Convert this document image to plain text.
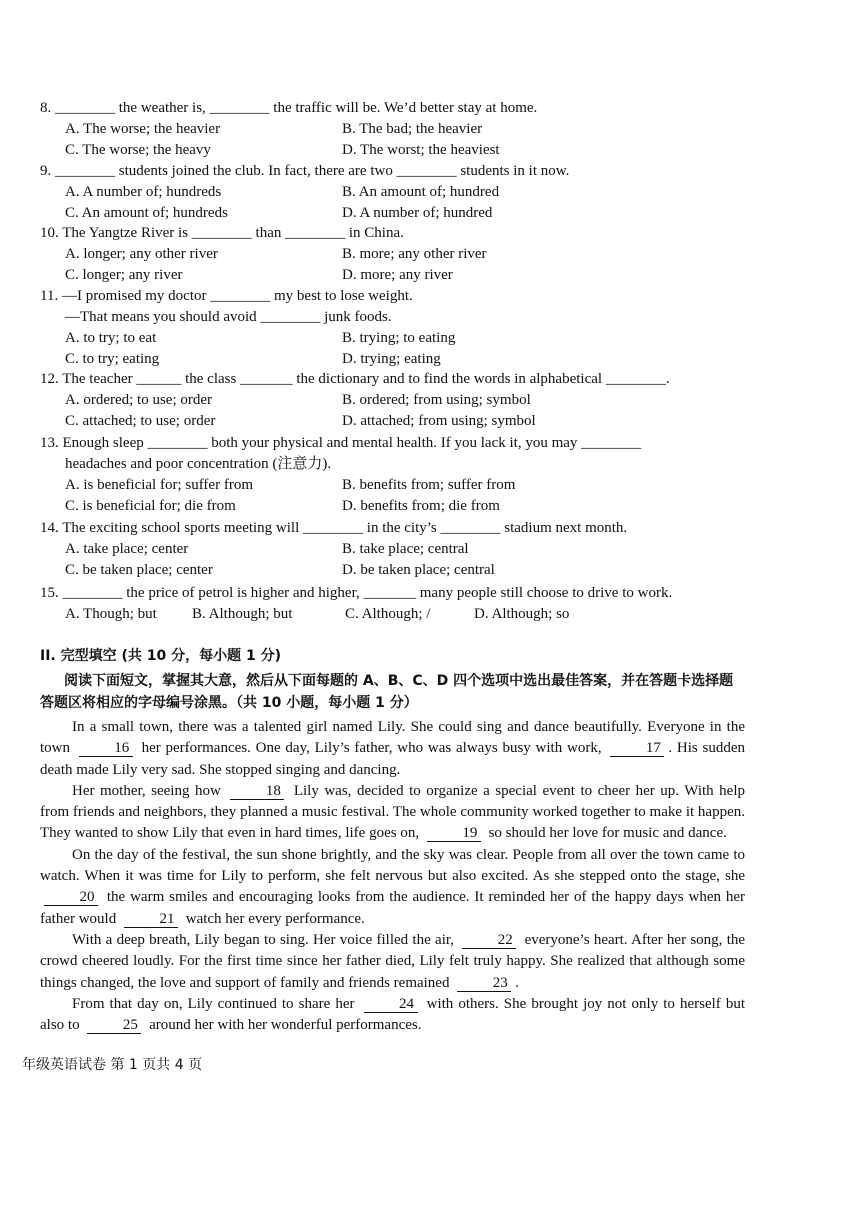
8. ________ the weather is, ________ the traffic will be. We’d better stay at home.
A. The worse; the heavier	B. The bad; the heavier
C. The worse; the heavy	D. The worst; the heaviest
9. ________ students joined the club. In fact, there are two ________ students in it now.
A. A number of; hundreds	B. An amount of; hundred
C. An amount of; hundreds	D. A number of; hundred
10. The Yangtze River is ________ than ________ in China.
A. longer; any other river	B. more; any other river
C. longer; any river	D. more; any river
11. —I promised my doctor ________ my best to lose weight.
—That means you should avoid ________ junk foods.
A. to try; to eat	B. trying; to eating
C. to try; eating	D. trying; eating
12. The teacher ______ the class _______ the dictionary and to find the words in alphabetical ________.
A. ordered; to use; order	B. ordered; from using; symbol
C. attached; to use; order	D. attached; from using; symbol
13. Enough sleep ________ both your physical and mental health. If you lack it, you may ________
headaches and poor concentration (注意力).
A. is beneficial for; suffer from	B. benefits from; suffer from
C. is beneficial for; die from	D. benefits from; die from
14. The exciting school sports meeting will ________ in the city’s ________ stadium next month.
A. take place; center	B. take place; central
C. be taken place; center	D. be taken place; central
15. ________ the price of petrol is higher and higher, _______ many people still choose to drive to work.
A. Though; but B. Although; but	C. Although; /	D. Although; so
II. 完型填空 (共 10 分，每小题 1 分)
阅读下面短文，掌握其大意，然后从下面每题的 A、B、C、D 四个选项中选出最佳答案，并在答题卡选择题答题区将相应的字母编号涂黑。（共 10 小题，每小题 1 分）

In a small town, there was a talented girl named Lily. She could sing and dance beautifully. Everyone in the town	16 her performances. One day, Lily’s father, who was always busy with work,	17 . His sudden death made Lily very sad. She stopped singing and dancing.

Her mother, seeing how	18 Lily was, decided to organize a special event to cheer her up. With help from friends and neighbors, they planned a music festival. The whole community worked together to make it happen. They wanted to show Lily that even in hard times, life goes on,	19 so should her love for music and dance.

On the day of the festival, the sun shone brightly, and the sky was clear. People from all over the town came to watch. When it was time for Lily to perform, she felt nervous but also excited. As she stepped onto the stage, she 20 the warm smiles and encouraging looks from the audience. It reminded her of the happy days when her father would	21 watch her every performance.

With a deep breath, Lily began to sing. Her voice filled the air,	22 everyone’s heart. After her song, the crowd cheered loudly. For the first time since her father died, Lily felt truly happy. She realized that although some things changed, the love and support of family and friends remained	23 .

From that day on, Lily continued to share her	24 with others. She brought joy not only to herself but also to	25 around her with her wonderful performances.

年级英语试卷 第 1 页共 4 页
